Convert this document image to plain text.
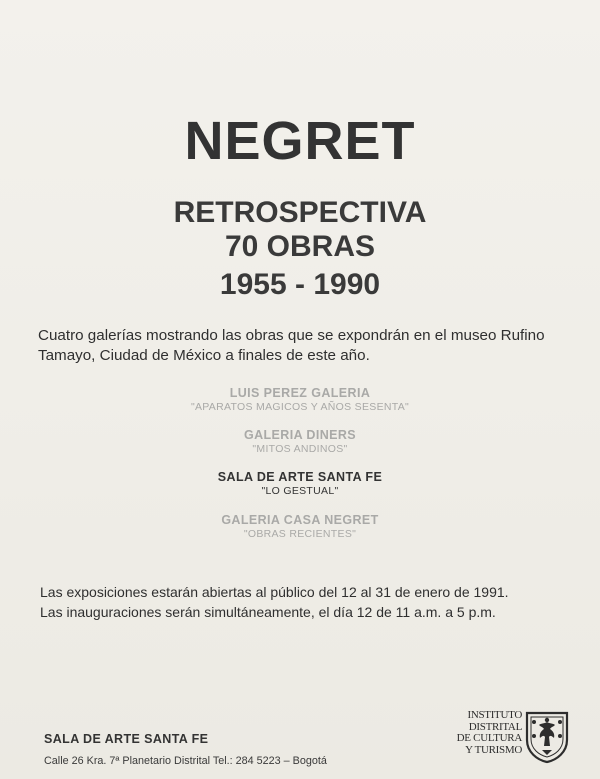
NEGRET
RETROSPECTIVA
70 OBRAS
1955 - 1990
Cuatro galerías mostrando las obras que se expondrán en el museo Rufino Tamayo, Ciudad de México a finales de este año.
LUIS PEREZ GALERIA
"APARATOS MAGICOS Y AÑOS SESENTA"
GALERIA DINERS
"MITOS ANDINOS"
SALA DE ARTE SANTA FE
"LO GESTUAL"
GALERIA CASA NEGRET
"OBRAS RECIENTES"
Las exposiciones estarán abiertas al público del 12 al 31 de enero de 1991.
Las inauguraciones serán simultáneamente, el día 12 de 11 a.m. a 5 p.m.
SALA DE ARTE SANTA FE
Calle 26 Kra. 7ª Planetario Distrital Tel.: 284 5223 – Bogotá
INSTITUTO
DISTRITAL
DE CULTURA
Y TURISMO
